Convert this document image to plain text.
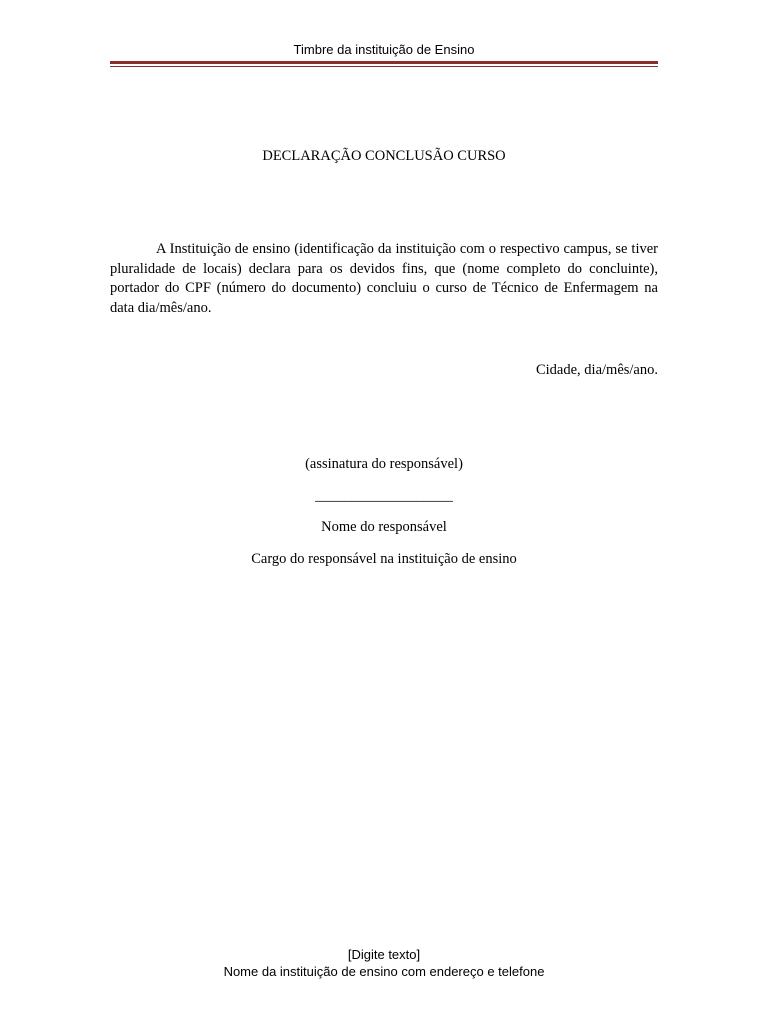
Timbre da instituição de Ensino
DECLARAÇÃO CONCLUSÃO CURSO

A Instituição de ensino (identificação da instituição com o respectivo campus, se tiver pluralidade de locais) declara para os devidos fins, que (nome completo do concluinte), portador do CPF (número do documento) concluiu o curso de Técnico de Enfermagem na data dia/mês/ano.

Cidade, dia/mês/ano.
(assinatura do responsável)
___________________
Nome do responsável
Cargo do responsável na instituição de ensino
[Digite texto]
Nome da instituição de ensino com endereço e telefone
